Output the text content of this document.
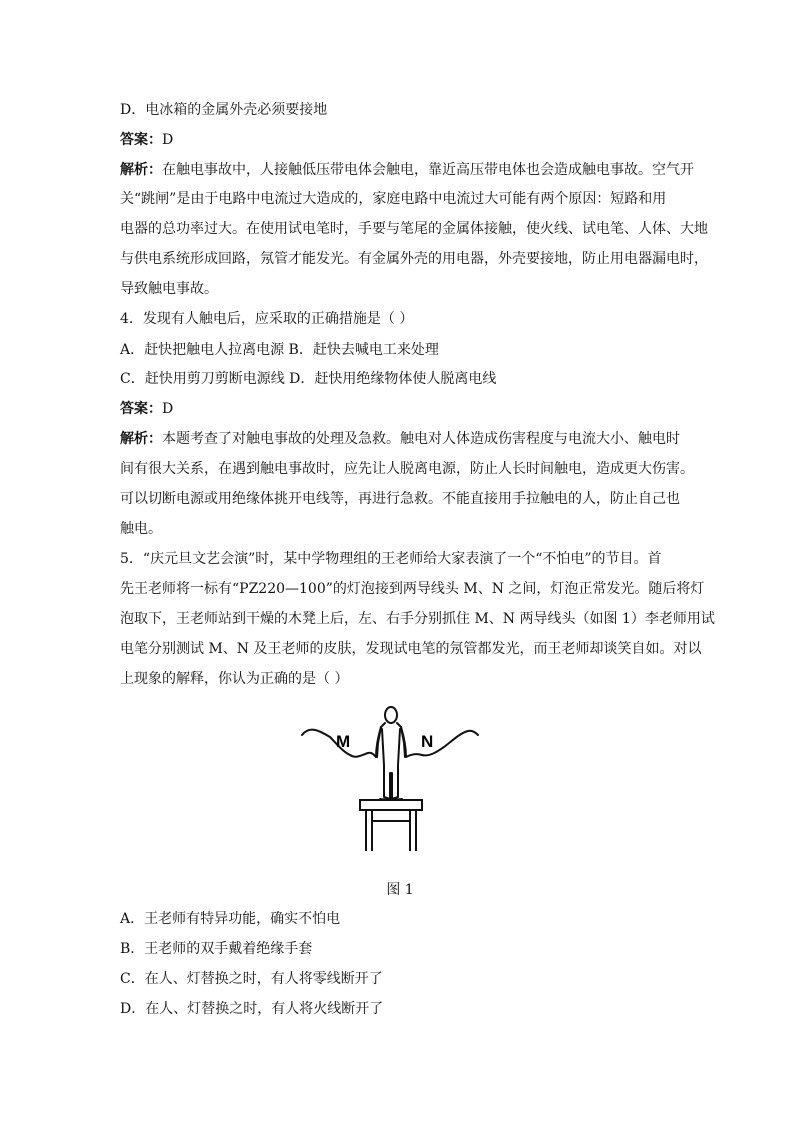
D．电冰箱的金属外壳必须要接地
答案：D
解析：在触电事故中，人接触低压带电体会触电，靠近高压带电体也会造成触电事故。空气开
关“跳闸”是由于电路中电流过大造成的，家庭电路中电流过大可能有两个原因：短路和用
电器的总功率过大。在使用试电笔时，手要与笔尾的金属体接触，使火线、试电笔、人体、大地
与供电系统形成回路，氖管才能发光。有金属外壳的用电器，外壳要接地，防止用电器漏电时，
导致触电事故。
4．发现有人触电后，应采取的正确措施是（ ）
A．赶快把触电人拉离电源 B．赶快去喊电工来处理
C．赶快用剪刀剪断电源线 D．赶快用绝缘物体使人脱离电线
答案：D
解析：本题考查了对触电事故的处理及急救。触电对人体造成伤害程度与电流大小、触电时
间有很大关系，在遇到触电事故时，应先让人脱离电源，防止人长时间触电，造成更大伤害。
可以切断电源或用绝缘体挑开电线等，再进行急救。不能直接用手拉触电的人，防止自己也
触电。
5．“庆元旦文艺会演”时，某中学物理组的王老师给大家表演了一个“不怕电”的节目。首
先王老师将一标有“PZ220—100”的灯泡接到两导线头 M、N 之间，灯泡正常发光。随后将灯
泡取下，王老师站到干燥的木凳上后，左、右手分别抓住 M、N 两导线头（如图 1）李老师用试
电笔分别测试 M、N 及王老师的皮肤，发现试电笔的氖管都发光，而王老师却谈笑自如。对以
上现象的解释，你认为正确的是（ ）
M	N
图 1
A．王老师有特异功能，确实不怕电
B．王老师的双手戴着绝缘手套
C．在人、灯替换之时，有人将零线断开了
D．在人、灯替换之时，有人将火线断开了
